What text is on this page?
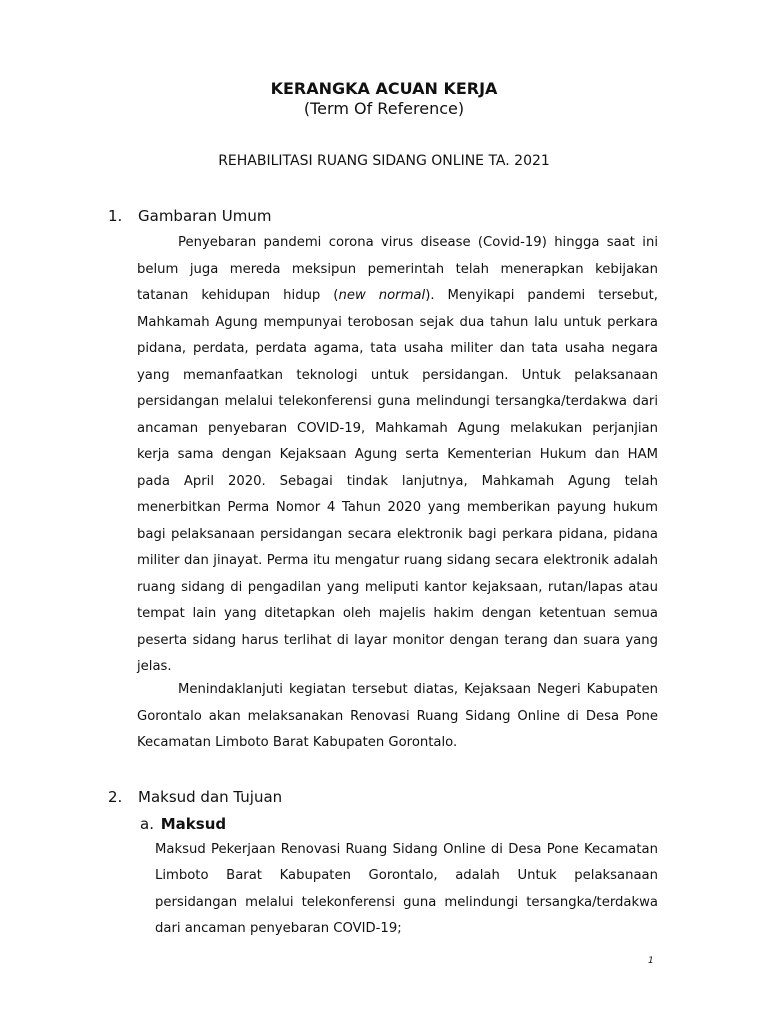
KERANGKA ACUAN KERJA
(Term Of Reference)
REHABILITASI RUANG SIDANG ONLINE TA. 2021
1. Gambaran Umum

Penyebaran pandemi corona virus disease (Covid-19) hingga saat ini belum juga mereda meksipun pemerintah telah menerapkan kebijakan tatanan kehidupan hidup (new normal). Menyikapi pandemi tersebut, Mahkamah Agung mempunyai terobosan sejak dua tahun lalu untuk perkara pidana, perdata, perdata agama, tata usaha militer dan tata usaha negara yang memanfaatkan teknologi untuk persidangan. Untuk pelaksanaan persidangan melalui telekonferensi guna melindungi tersangka/terdakwa dari ancaman penyebaran COVID-19, Mahkamah Agung melakukan perjanjian kerja sama dengan Kejaksaan Agung serta Kementerian Hukum dan HAM pada April 2020. Sebagai tindak lanjutnya, Mahkamah Agung telah menerbitkan Perma Nomor 4 Tahun 2020 yang memberikan payung hukum bagi pelaksanaan persidangan secara elektronik bagi perkara pidana, pidana militer dan jinayat. Perma itu mengatur ruang sidang secara elektronik adalah ruang sidang di pengadilan yang meliputi kantor kejaksaan, rutan/lapas atau tempat lain yang ditetapkan oleh majelis hakim dengan ketentuan semua peserta sidang harus terlihat di layar monitor dengan terang dan suara yang jelas.

Menindaklanjuti kegiatan tersebut diatas, Kejaksaan Negeri Kabupaten Gorontalo akan melaksanakan Renovasi Ruang Sidang Online di Desa Pone Kecamatan Limboto Barat Kabupaten Gorontalo.

2. Maksud dan Tujuan
a. Maksud

Maksud Pekerjaan Renovasi Ruang Sidang Online di Desa Pone Kecamatan Limboto Barat Kabupaten Gorontalo, adalah Untuk pelaksanaan persidangan melalui telekonferensi guna melindungi tersangka/terdakwa dari ancaman penyebaran COVID-19;

1
